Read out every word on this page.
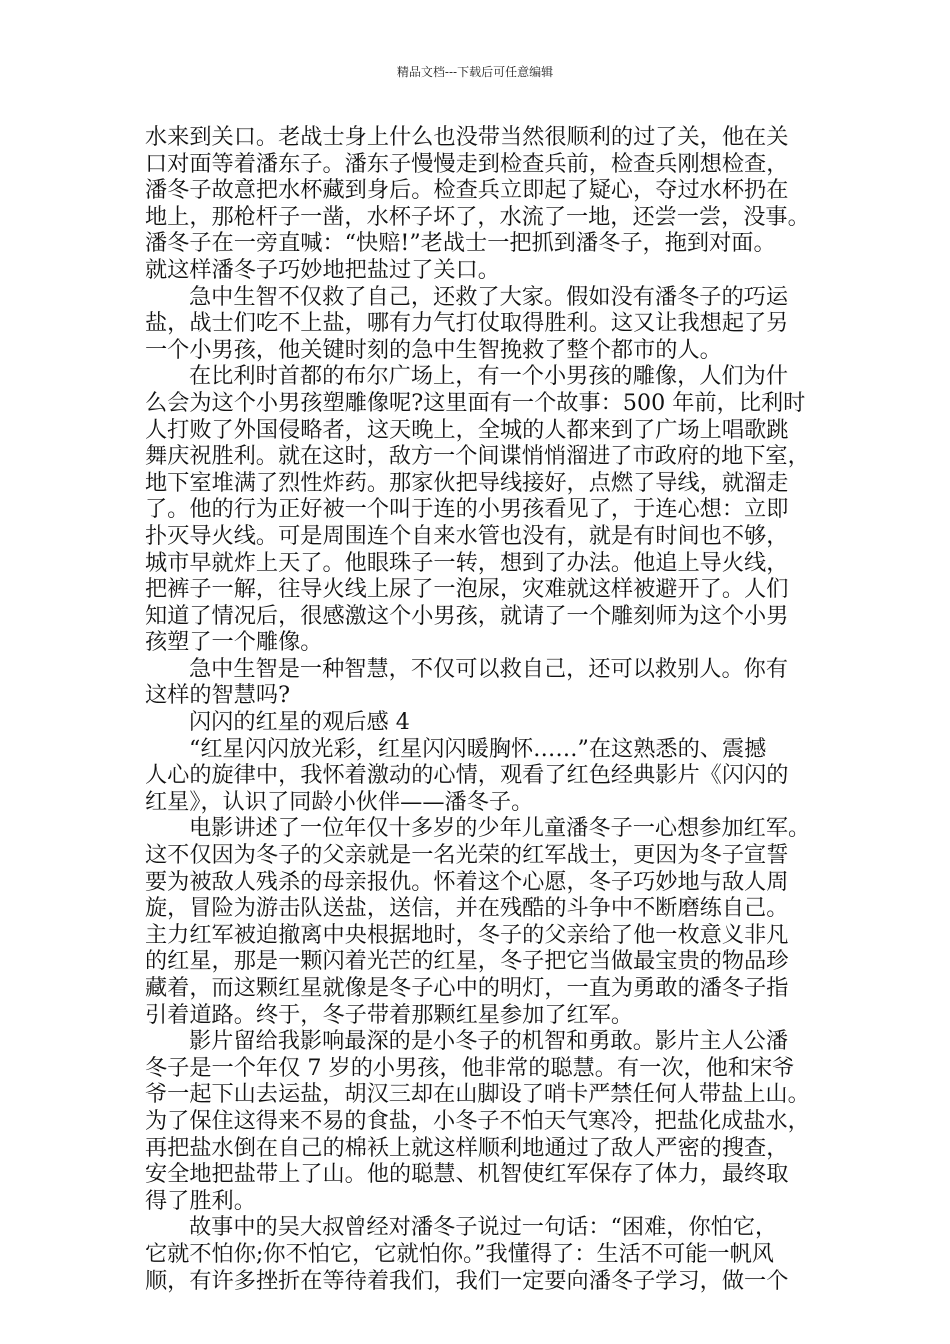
精品文档---下载后可任意编辑
水来到关口。老战士身上什么也没带当然很顺利的过了关，他在关
口对面等着潘东子。潘东子慢慢走到检查兵前，检查兵刚想检查，
潘冬子故意把水杯藏到身后。检查兵立即起了疑心，夺过水杯扔在
地上，那枪杆子一凿，水杯子坏了，水流了一地，还尝一尝，没事。
潘冬子在一旁直喊：“快赔!”老战士一把抓到潘冬子，拖到对面。
就这样潘冬子巧妙地把盐过了关口。
急中生智不仅救了自己，还救了大家。假如没有潘冬子的巧运
盐，战士们吃不上盐，哪有力气打仗取得胜利。这又让我想起了另
一个小男孩，他关键时刻的急中生智挽救了整个都市的人。
在比利时首都的布尔广场上，有一个小男孩的雕像，人们为什
么会为这个小男孩塑雕像呢?这里面有一个故事：500 年前，比利时
人打败了外国侵略者，这天晚上，全城的人都来到了广场上唱歌跳
舞庆祝胜利。就在这时，敌方一个间谍悄悄溜进了市政府的地下室，
地下室堆满了烈性炸药。那家伙把导线接好，点燃了导线，就溜走
了。他的行为正好被一个叫于连的小男孩看见了，于连心想：立即
扑灭导火线。可是周围连个自来水管也没有，就是有时间也不够，
城市早就炸上天了。他眼珠子一转，想到了办法。他追上导火线，
把裤子一解，往导火线上尿了一泡尿，灾难就这样被避开了。人们
知道了情况后，很感激这个小男孩，就请了一个雕刻师为这个小男
孩塑了一个雕像。
急中生智是一种智慧，不仅可以救自己，还可以救别人。你有
这样的智慧吗?
闪闪的红星的观后感 4
“红星闪闪放光彩，红星闪闪暖胸怀……”在这熟悉的、震撼
人心的旋律中，我怀着激动的心情，观看了红色经典影片《闪闪的
红星》，认识了同龄小伙伴——潘冬子。
电影讲述了一位年仅十多岁的少年儿童潘冬子一心想参加红军。
这不仅因为冬子的父亲就是一名光荣的红军战士，更因为冬子宣誓
要为被敌人残杀的母亲报仇。怀着这个心愿，冬子巧妙地与敌人周
旋，冒险为游击队送盐，送信，并在残酷的斗争中不断磨练自己。
主力红军被迫撤离中央根据地时，冬子的父亲给了他一枚意义非凡
的红星，那是一颗闪着光芒的红星，冬子把它当做最宝贵的物品珍
藏着，而这颗红星就像是冬子心中的明灯，一直为勇敢的潘冬子指
引着道路。终于，冬子带着那颗红星参加了红军。
影片留给我影响最深的是小冬子的机智和勇敢。影片主人公潘
冬子是一个年仅 7 岁的小男孩，他非常的聪慧。有一次，他和宋爷
爷一起下山去运盐，胡汉三却在山脚设了哨卡严禁任何人带盐上山。
为了保住这得来不易的食盐，小冬子不怕天气寒冷，把盐化成盐水，
再把盐水倒在自己的棉袄上就这样顺利地通过了敌人严密的搜查，
安全地把盐带上了山。他的聪慧、机智使红军保存了体力，最终取
得了胜利。
故事中的吴大叔曾经对潘冬子说过一句话：“困难，你怕它，
它就不怕你;你不怕它，它就怕你。”我懂得了：生活不可能一帆风
顺，有许多挫折在等待着我们，我们一定要向潘冬子学习，做一个
